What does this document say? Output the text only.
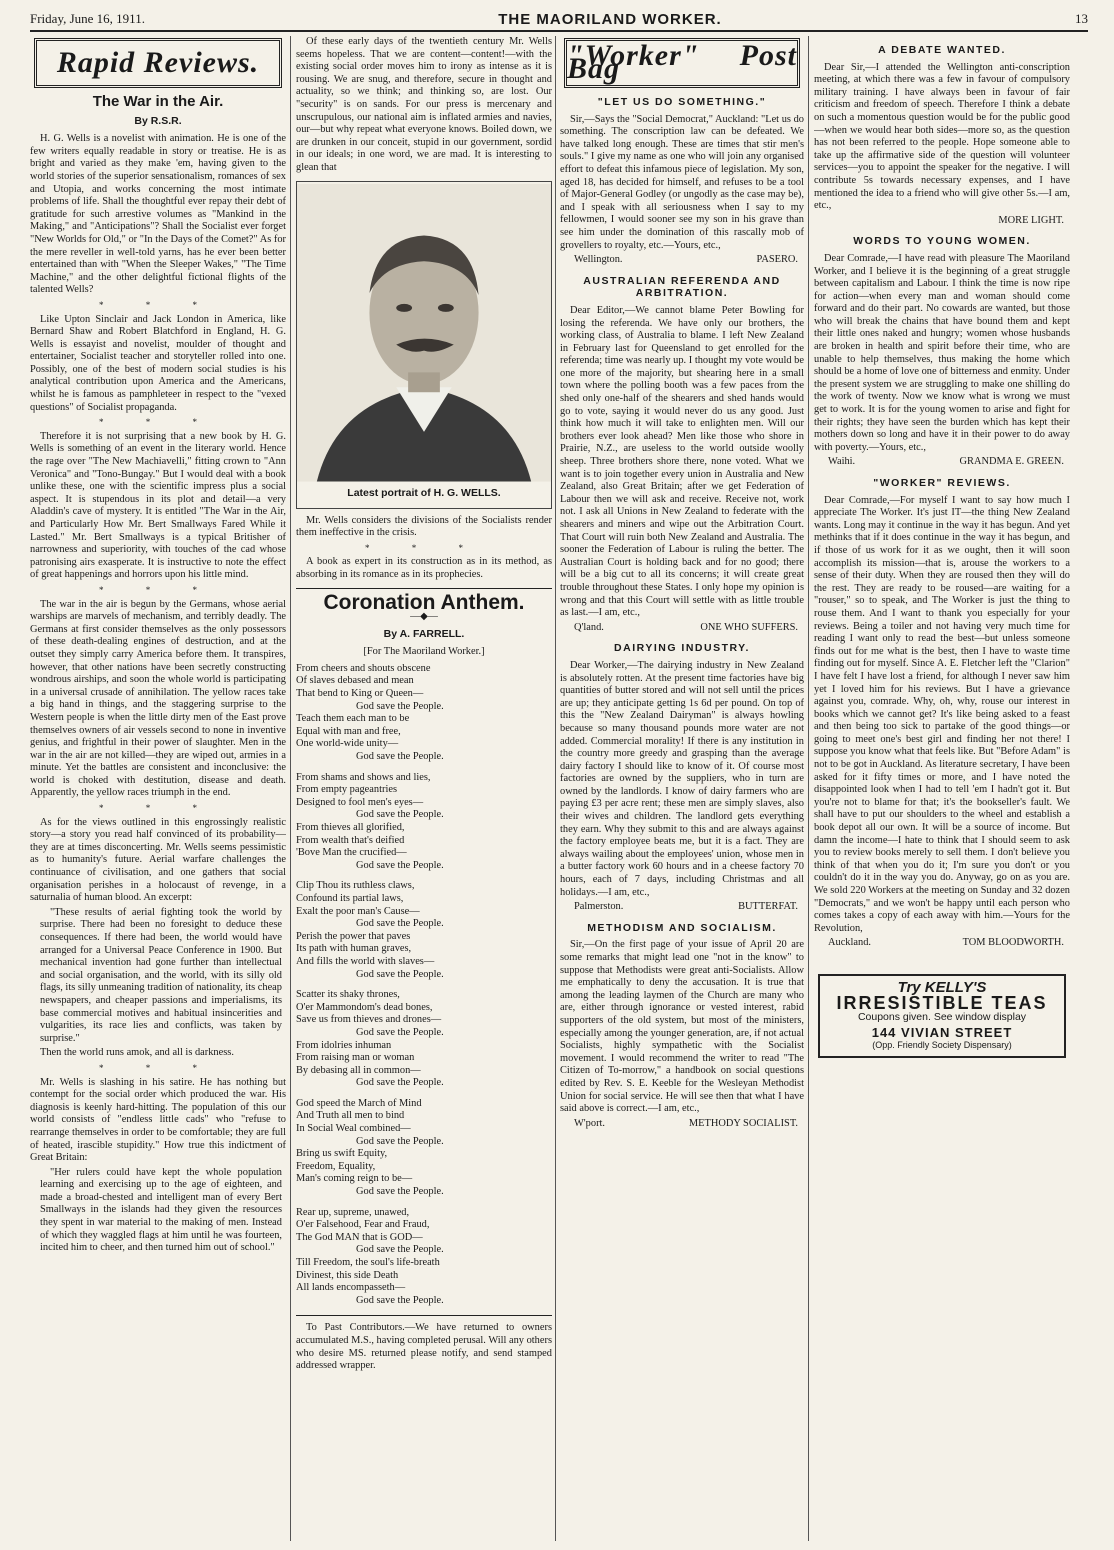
Friday, June 16, 1911.	THE MAORILAND WORKER.	13
Rapid Reviews.
The War in the Air.
By R.S.R.

H. G. Wells is a novelist with animation. He is one of the few writers equally readable in story or treatise. He is as bright and varied as they make 'em, having given to the world stories of the superior sensationalism, romances of sex and Utopia, and works concerning the most intimate problems of life. Shall the thoughtful ever repay their debt of gratitude for such arrestive volumes as "Mankind in the Making," and "Anticipations"? Shall the Socialist ever forget "New Worlds for Old," or "In the Days of the Comet?" As for the mere reveller in well-told yarns, has he ever been better entertained than with "When the Sleeper Wakes," "The Time Machine," and the other delightful fictional flights of the talented Wells?

* * *

Like Upton Sinclair and Jack London in America, like Bernard Shaw and Robert Blatchford in England, H. G. Wells is essayist and novelist, moulder of thought and entertainer, Socialist teacher and storyteller rolled into one. Possibly, one of the best of modern social studies is his analytical contribution upon America and the Americans, whilst he is famous as pamphleteer in respect to the "vexed questions" of Socialist propaganda.

* * *

Therefore it is not surprising that a new book by H. G. Wells is something of an event in the literary world. Hence the rage over "The New Machiavelli," fitting crown to "Ann Veronica" and "Tono-Bungay." But I would deal with a book unlike these, one with the scientific impress plus a social aspect. It is stupendous in its plot and detail—a very Aladdin's cave of mystery. It is entitled "The War in the Air, and Particularly How Mr. Bert Smallways Fared While it Lasted." Mr. Bert Smallways is a typical Britisher of narrowness and superiority, with touches of the cad whose patronising airs exasperate. It is instructive to note the effect of great happenings and horrors upon his little mind.

* * *

The war in the air is begun by the Germans, whose aerial warships are marvels of mechanism, and terribly deadly. The Germans at first consider themselves as the only possessors of these death-dealing engines of destruction, and at the outset they simply carry America before them. It transpires, however, that other nations have been secretly constructing wondrous airships, and soon the whole world is participating in a universal crusade of annihilation. The yellow races take a big hand in things, and the staggering surprise to the Western people is when the little dirty men of the East prove themselves owners of air vessels second to none in inventive genius, and frightful in their power of slaughter. Men in the war in the air are not killed—they are wiped out, armies in a minute. Yet the battles are consistent and inconclusive: the world is choked with destitution, disease and death. Apparently, the yellow races triumph in the end.

* * *

As for the views outlined in this engrossingly realistic story—a story you read half convinced of its probability—they are at times disconcerting. Mr. Wells seems pessimistic as to humanity's future. Aerial warfare challenges the continuance of civilisation, and one gathers that social organisation perishes in a holocaust of revenge, in a saturnalia of human blood. An excerpt:

"These results of aerial fighting took the world by surprise. There had been no foresight to deduce these consequences. If there had been, the world would have arranged for a Universal Peace Conference in 1900. But mechanical invention had gone further than intellectual and social organisation, and the world, with its silly old flags, its silly unmeaning tradition of nationality, its cheap newspapers, and cheaper passions and imperialisms, its base commercial motives and habitual insincerities and vulgarities, its race lies and conflicts, was taken by surprise."

Then the world runs amok, and all is darkness.

* * *

Mr. Wells is slashing in his satire. He has nothing but contempt for the social order which produced the war. His diagnosis is keenly hard-hitting. The population of this our world consists of "endless little cads" who "refuse to rearrange themselves in order to be comfortable; they are full of heated, irascible stupidity." How true this indictment of Great Britain:

"Her rulers could have kept the whole population learning and exercising up to the age of eighteen, and made a broad-chested and intelligent man of every Bert Smallways in the islands had they given the resources they spent in war material to the making of men. Instead of which they waggled flags at him until he was fourteen, incited him to cheer, and then turned him out of school."

Of these early days of the twentieth century Mr. Wells seems hopeless. That we are content—content!—with the existing social order moves him to irony as intense as it is rousing. We are snug, and therefore, secure in thought and actuality, so we think; and thinking so, are lost. Our "security" is on sands. For our press is mercenary and unscrupulous, our national aim is inflated armies and navies, our—but why repeat what everyone knows. Boiled down, we are drunken in our conceit, stupid in our government, sordid in our ideals; in one word, we are mad. It is interesting to glean that

Latest portrait of H. G. WELLS.

Mr. Wells considers the divisions of the Socialists render them ineffective in the crisis.

* * *

A book as expert in its construction as in its method, as absorbing in its romance as in its prophecies.

Coronation Anthem.
—◆—
By A. FARRELL.
[For The Maoriland Worker.]
From cheers and shouts obscene
Of slaves debased and mean
That bend to King or Queen—
God save the People.
Teach them each man to be
Equal with man and free,
One world-wide unity—
God save the People.
From shams and shows and lies,
From empty pageantries
Designed to fool men's eyes—
God save the People.
From thieves all glorified,
From wealth that's deified
'Bove Man the crucified—
God save the People.
Clip Thou its ruthless claws,
Confound its partial laws,
Exalt the poor man's Cause—
God save the People.
Perish the power that paves
Its path with human graves,
And fills the world with slaves—
God save the People.
Scatter its shaky thrones,
O'er Mammondom's dead bones,
Save us from thieves and drones—
God save the People.
From idolries inhuman
From raising man or woman
By debasing all in common—
God save the People.
God speed the March of Mind
And Truth all men to bind
In Social Weal combined—
God save the People.
Bring us swift Equity,
Freedom, Equality,
Man's coming reign to be—
God save the People.
Rear up, supreme, unawed,
O'er Falsehood, Fear and Fraud,
The God MAN that is GOD—
God save the People.
Till Freedom, the soul's life-breath
Divinest, this side Death
All lands encompasseth—
God save the People.

To Past Contributors.—We have returned to owners accumulated M.S., having completed perusal. Will any others who desire MS. returned please notify, and send stamped addressed wrapper.

"Worker" Post Bag
"LET US DO SOMETHING."

Sir,—Says the "Social Democrat," Auckland: "Let us do something. The conscription law can be defeated. We have talked long enough. These are times that stir men's souls." I give my name as one who will join any organised effort to defeat this infamous piece of legislation. My son, aged 18, has decided for himself, and refuses to be a tool of Major-General Godley (or ungodly as the case may be), and I speak with all seriousness when I say to my fellowmen, I would sooner see my son in his grave than see him under the domination of this rascally mob of grovellers to royalty, etc.—Yours, etc.,

Wellington.	PASERO.
AUSTRALIAN REFERENDA AND ARBITRATION.

Dear Editor,—We cannot blame Peter Bowling for losing the referenda. We have only our brothers, the working class, of Australia to blame. I left New Zealand in February last for Queensland to get enrolled for the referenda; time was nearly up. I thought my vote would be one more of the majority, but shearing here in a small town where the polling booth was a few paces from the shed only one-half of the shearers and shed hands would go to vote, saying it would never do us any good. Just think how much it will take to enlighten men. Will our brothers ever look ahead? Men like those who shore in Prairie, N.Z., are useless to the world outside woolly sheep. Three brothers shore there, none voted. What we want is to join together every union in Australia and New Zealand, also Great Britain; after we get Federation of Labour then we will ask and receive. Receive not, work not. I ask all Unions in New Zealand to federate with the shearers and miners and wipe out the Arbitration Court. That Court will ruin both New Zealand and Australia. The sooner the Federation of Labour is ruling the better. The Australian Court is holding back and for no good; there will be a big cut to all its concerns; it will create great trouble throughout these States. I only hope my opinion is wrong and that this Court will settle with as little trouble as last.—I am, etc.,

Q'land.	ONE WHO SUFFERS.
DAIRYING INDUSTRY.

Dear Worker,—The dairying industry in New Zealand is absolutely rotten. At the present time factories have big quantities of butter stored and will not sell until the prices are up; they anticipate getting 1s 6d per pound. On top of this the "New Zealand Dairyman" is always howling because so many thousand pounds more water are not added. Commercial morality! If there is any institution in the country more greedy and grasping than the average dairy factory I should like to know of it. Of course most factories are owned by the suppliers, who in turn are owned by the landlords. I know of dairy farmers who are paying £3 per acre rent; these men are simply slaves, also their wives and children. The landlord gets everything they earn. Why they submit to this and are always against the factory employee beats me, but it is a fact. They are always wailing about the employees' union, whose men in a butter factory work 60 hours and in a cheese factory 70 hours, each of 7 days, including Christmas and all holidays.—I am, etc.,

Palmerston.	BUTTERFAT.
METHODISM AND SOCIALISM.

Sir,—On the first page of your issue of April 20 are some remarks that might lead one "not in the know" to suppose that Methodists were great anti-Socialists. Allow me emphatically to deny the accusation. It is true that among the leading laymen of the Church are many who are, either through ignorance or vested interest, rabid supporters of the old system, but most of the ministers, especially among the younger generation, are, if not actual Socialists, highly sympathetic with the Socialist movement. I would recommend the writer to read "The Citizen of To-morrow," a handbook on social questions edited by Rev. S. E. Keeble for the Wesleyan Methodist Union for social service. He will see then that what I have said above is correct.—I am, etc.,

W'port.	METHODY SOCIALIST.
A DEBATE WANTED.

Dear Sir,—I attended the Wellington anti-conscription meeting, at which there was a few in favour of compulsory military training. I have always been in favour of fair criticism and freedom of speech. Therefore I think a debate on such a momentous question would be for the public good—when we would hear both sides—more so, as the question has not been referred to the people. Hope someone able to take up the affirmative side of the question will volunteer services—you to appoint the speaker for the negative. I will contribute 5s towards necessary expenses, and I have mentioned the idea to a friend who will give other 5s.—I am, etc.,

MORE LIGHT.
WORDS TO YOUNG WOMEN.

Dear Comrade,—I have read with pleasure The Maoriland Worker, and I believe it is the beginning of a great struggle between capitalism and Labour. I think the time is now ripe for action—when every man and woman should come forward and do their part. No cowards are wanted, but those who will break the chains that have bound them and kept their little ones naked and hungry; women whose husbands are broken in health and spirit before their time, who are unable to help themselves, thus making the home which should be a home of love one of bitterness and enmity. Under the present system we are struggling to make one shilling do the work of twenty. Now we know what is wrong we must get to work. It is for the young women to arise and fight for their rights; they have seen the burden which has kept their mothers down so long and have it in their power to do away with poverty.—Yours, etc.,

Waihi.	GRANDMA E. GREEN.
"WORKER" REVIEWS.

Dear Comrade,—For myself I want to say how much I appreciate The Worker. It's just IT—the thing New Zealand wants. Long may it continue in the way it has begun. And yet methinks that if it does continue in the way it has begun, and if those of us work for it as we ought, then it will soon accomplish its mission—that is, arouse the workers to a sense of their duty. When they are roused then they will do the rest. They are ready to be roused—are waiting for a "rouser," so to speak, and The Worker is just the thing to rouse them. And I want to thank you especially for your reviews. Being a toiler and not having very much time for reading I want only to read the best—but unless someone finds out for me what is the best, then I have to waste time finding out for myself. Since A. E. Fletcher left the "Clarion" I have felt I have lost a friend, for although I never saw him yet I loved him for his reviews. But I have a grievance against you, comrade. Why, oh, why, rouse our interest in books which we cannot get? It's like being asked to a feast and then being too sick to partake of the good things—or going to meet one's best girl and finding her not there! I suppose you know what that feels like. But "Before Adam" is not to be got in Auckland. As literature secretary, I have been asked for it fifty times or more, and I have noted the disappointed look when I had to tell 'em I hadn't got it. But you're not to blame for that; it's the bookseller's fault. We shall have to put our shoulders to the wheel and establish a book depot all our own. It will be a source of income. But damn the income—I hate to think that I should seem to ask you to review books merely to sell them. I don't believe you think of that when you do it; I'm sure you don't or you couldn't do it in the way you do. Anyway, go on as you are. We sold 220 Workers at the meeting on Sunday and 32 dozen "Democrats," and we won't be happy until each person who comes takes a copy of each away with him.—Yours for the Revolution,

Auckland.	TOM BLOODWORTH.
Try KELLY'S
IRRESISTIBLE TEAS
Coupons given. See window display
144 VIVIAN STREET
(Opp. Friendly Society Dispensary)
